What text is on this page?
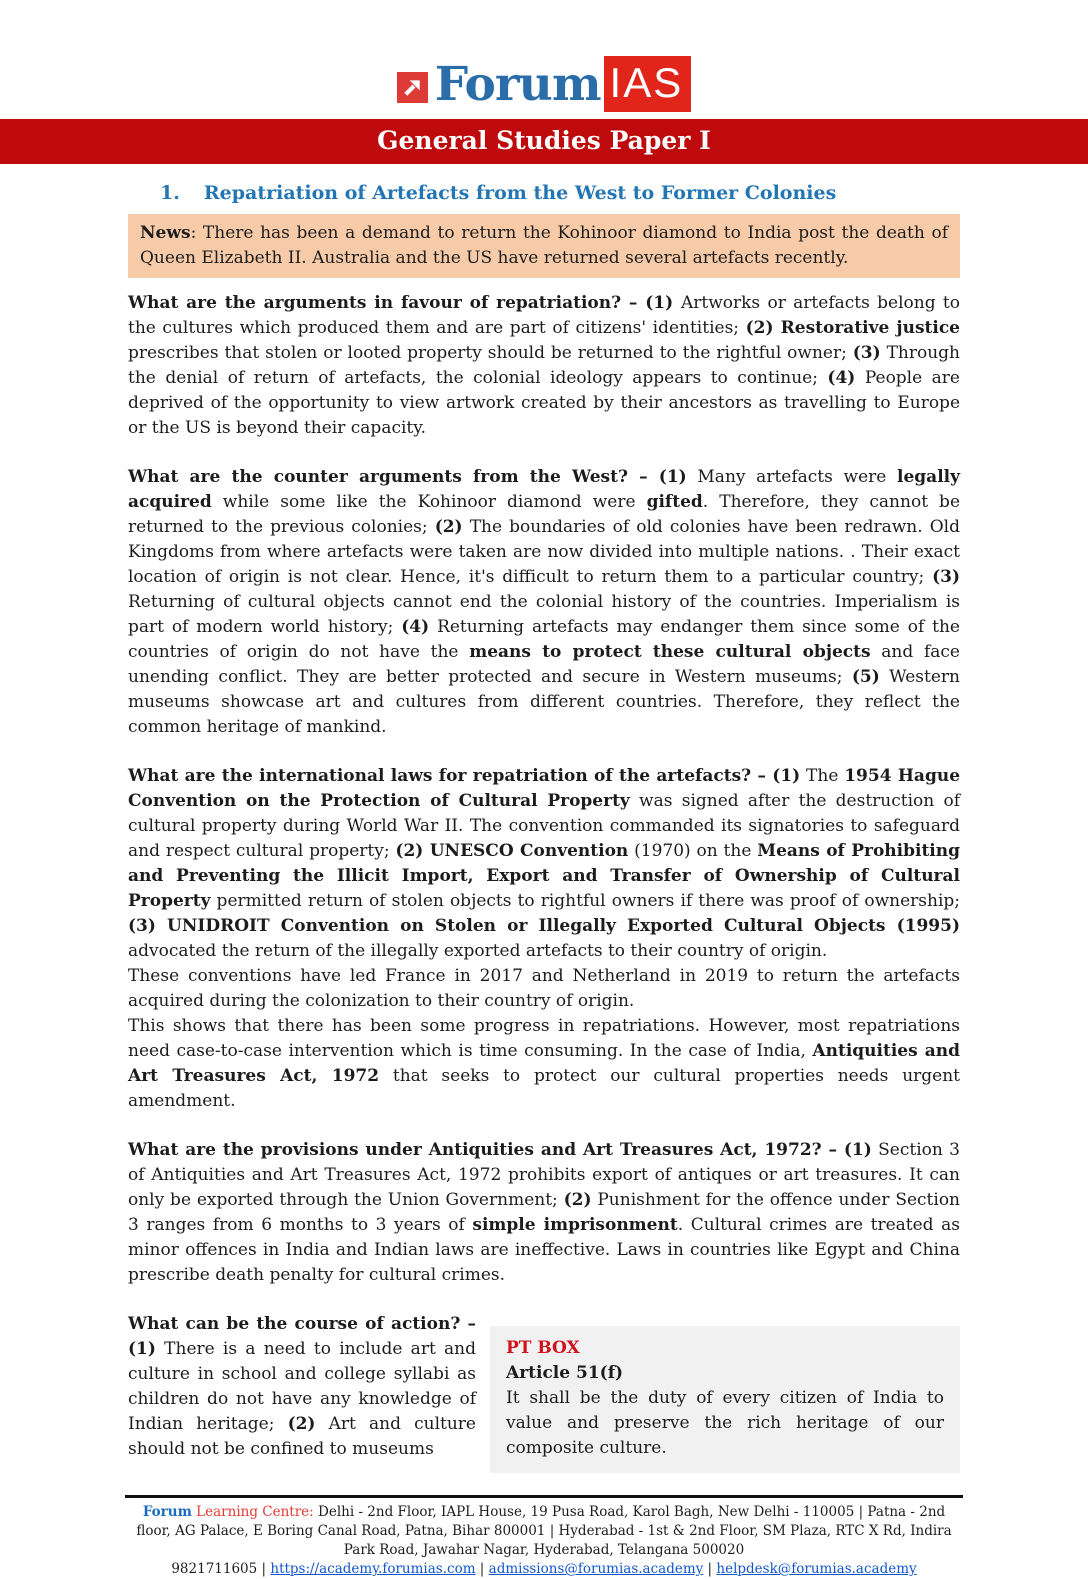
Forum IAS
General Studies Paper I
1. Repatriation of Artefacts from the West to Former Colonies
News: There has been a demand to return the Kohinoor diamond to India post the death of Queen Elizabeth II. Australia and the US have returned several artefacts recently.

What are the arguments in favour of repatriation? – (1) Artworks or artefacts belong to the cultures which produced them and are part of citizens' identities; (2) Restorative justice prescribes that stolen or looted property should be returned to the rightful owner; (3) Through the denial of return of artefacts, the colonial ideology appears to continue; (4) People are deprived of the opportunity to view artwork created by their ancestors as travelling to Europe or the US is beyond their capacity.

What are the counter arguments from the West? – (1) Many artefacts were legally acquired while some like the Kohinoor diamond were gifted. Therefore, they cannot be returned to the previous colonies; (2) The boundaries of old colonies have been redrawn. Old Kingdoms from where artefacts were taken are now divided into multiple nations. . Their exact location of origin is not clear. Hence, it's difficult to return them to a particular country; (3) Returning of cultural objects cannot end the colonial history of the countries. Imperialism is part of modern world history; (4) Returning artefacts may endanger them since some of the countries of origin do not have the means to protect these cultural objects and face unending conflict. They are better protected and secure in Western museums; (5) Western museums showcase art and cultures from different countries. Therefore, they reflect the common heritage of mankind.

What are the international laws for repatriation of the artefacts? – (1) The 1954 Hague Convention on the Protection of Cultural Property was signed after the destruction of cultural property during World War II. The convention commanded its signatories to safeguard and respect cultural property; (2) UNESCO Convention (1970) on the Means of Prohibiting and Preventing the Illicit Import, Export and Transfer of Ownership of Cultural Property permitted return of stolen objects to rightful owners if there was proof of ownership; (3) UNIDROIT Convention on Stolen or Illegally Exported Cultural Objects (1995) advocated the return of the illegally exported artefacts to their country of origin.

These conventions have led France in 2017 and Netherland in 2019 to return the artefacts acquired during the colonization to their country of origin.

This shows that there has been some progress in repatriations. However, most repatriations need case-to-case intervention which is time consuming. In the case of India, Antiquities and Art Treasures Act, 1972 that seeks to protect our cultural properties needs urgent amendment.

What are the provisions under Antiquities and Art Treasures Act, 1972? – (1) Section 3 of Antiquities and Art Treasures Act, 1972 prohibits export of antiques or art treasures. It can only be exported through the Union Government; (2) Punishment for the offence under Section 3 ranges from 6 months to 3 years of simple imprisonment. Cultural crimes are treated as minor offences in India and Indian laws are ineffective. Laws in countries like Egypt and China prescribe death penalty for cultural crimes.

What can be the course of action? – (1) There is a need to include art and culture in school and college syllabi as children do not have any knowledge of Indian heritage; (2) Art and culture should not be confined to museums

PT BOX
Article 51(f)
It shall be the duty of every citizen of India to value and preserve the rich heritage of our composite culture.
Forum Learning Centre: Delhi - 2nd Floor, IAPL House, 19 Pusa Road, Karol Bagh, New Delhi - 110005 | Patna - 2nd floor, AG Palace, E Boring Canal Road, Patna, Bihar 800001 | Hyderabad - 1st & 2nd Floor, SM Plaza, RTC X Rd, Indira Park Road, Jawahar Nagar, Hyderabad, Telangana 500020
9821711605 | https://academy.forumias.com | admissions@forumias.academy | helpdesk@forumias.academy
